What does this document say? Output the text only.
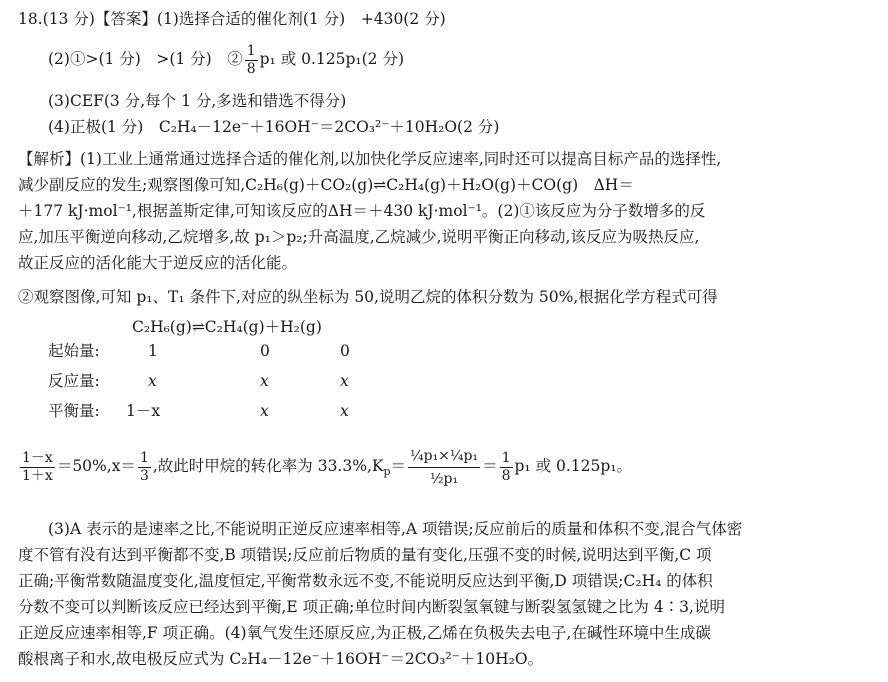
18.(13 分)【答案】(1)选择合适的催化剂(1 分)　+430(2 分)
(2)①>(1 分)　>(1 分)　② $\frac{1}{8} p_1$ 或 0.125p₁(2 分)
(3)CEF(3 分,每个 1 分,多选和错选不得分)
(4)正极(1 分)　C₂H₄－12e⁻＋16OH⁻＝2CO₃²⁻＋10H₂O(2 分)
【解析】(1)工业上通常通过选择合适的催化剂,以加快化学反应速率,同时还可以提高目标产品的选择性,
减少副反应的发生;观察图像可知,C₂H₆(g)＋CO₂(g)⇌C₂H₄(g)＋H₂O(g)＋CO(g)　ΔH＝
＋177 kJ·mol⁻¹,根据盖斯定律,可知该反应的ΔH＝＋430 kJ·mol⁻¹。(2)①该反应为分子数增多的反
应,加压平衡逆向移动,乙烷增多,故 p₁＞p₂;升高温度,乙烷减少,说明平衡正向移动,该反应为吸热反应,
故正反应的活化能大于逆反应的活化能。
②观察图像,可知 p₁、T₁ 条件下,对应的纵坐标为 50,说明乙烷的体积分数为 50%,根据化学方程式可得
C₂H₆(g)⇌C₂H₄(g)＋H₂(g)
起始量:	1	0	0
反应量:	x	x	x
平衡量: 1－x	x	x
$\frac{1-x}{1+x} =50\%,x= \frac{1}{3}$ ,故此时甲烷的转化率为 $33.3\%,K_p= \frac{\text{¼p₁×¼p₁}}{\text{½p₁}} = \frac{1}{8} p_1$ 或 0.125p₁。
(3)A 表示的是速率之比,不能说明正逆反应速率相等,A 项错误;反应前后的质量和体积不变,混合气体密
度不管有没有达到平衡都不变,B 项错误;反应前后物质的量有变化,压强不变的时候,说明达到平衡,C 项
正确;平衡常数随温度变化,温度恒定,平衡常数永远不变,不能说明反应达到平衡,D 项错误;C₂H₄ 的体积
分数不变可以判断该反应已经达到平衡,E 项正确;单位时间内断裂氢氧键与断裂氢氢键之比为 4∶3,说明
正逆反应速率相等,F 项正确。(4)氧气发生还原反应,为正极,乙烯在负极失去电子,在碱性环境中生成碳
酸根离子和水,故电极反应式为 C₂H₄－12e⁻＋16OH⁻＝2CO₃²⁻＋10H₂O。
